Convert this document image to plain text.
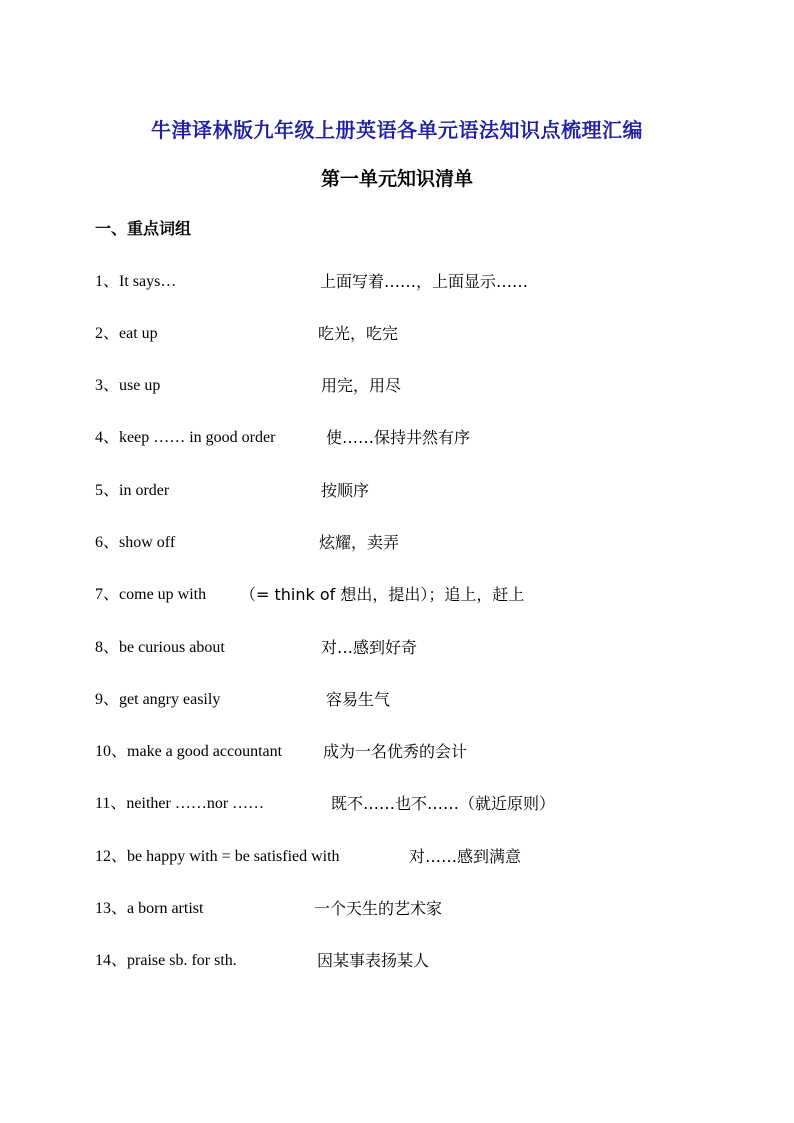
牛津译林版九年级上册英语各单元语法知识点梳理汇编
第一单元知识清单
一、重点词组
1、It says…	上面写着……，上面显示……
2、eat up	吃光，吃完
3、use up	用完，用尽
4、keep …… in good order	使……保持井然有序
5、in order	按顺序
6、show off	炫耀，卖弄
7、come up with （= think of 想出，提出）；追上，赶上
8、be curious about	对…感到好奇
9、get angry easily	容易生气
10、make a good accountant	成为一名优秀的会计
11、neither ……nor ……	既不……也不……（就近原则）
12、be happy with = be satisfied with	对……感到满意
13、a born artist	一个天生的艺术家
14、praise sb. for sth.	因某事表扬某人
